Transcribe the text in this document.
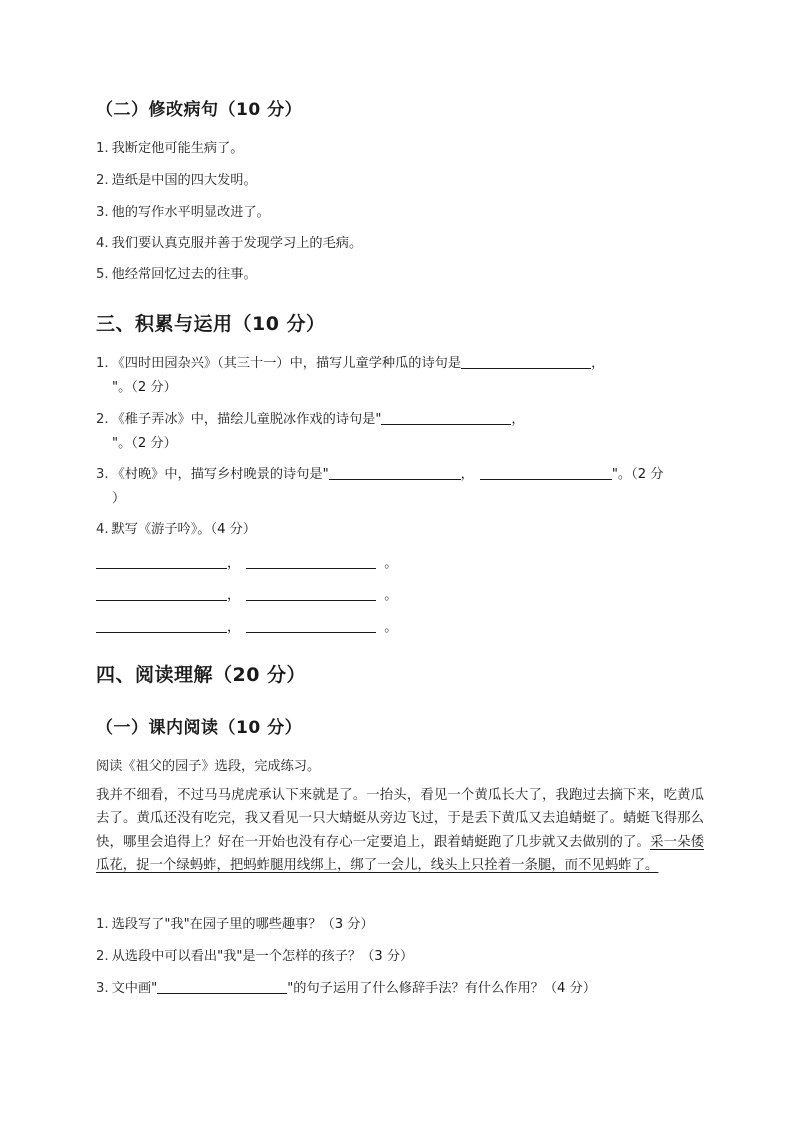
（二）修改病句（10 分）
1. 我断定他可能生病了。
2. 造纸是中国的四大发明。
3. 他的写作水平明显改进了。
4. 我们要认真克服并善于发现学习上的毛病。
5. 他经常回忆过去的往事。
三、积累与运用（10 分）
1. 《四时田园杂兴》（其三十一）中，描写儿童学种瓜的诗句是	，
"。（2 分）
2. 《稚子弄冰》中，描绘儿童脱冰作戏的诗句是"	，
"。（2 分）
3. 《村晚》中，描写乡村晚景的诗句是"	，	"。（2 分
）
4. 默写《游子吟》。（4 分）
，	。
，	。
，	。
四、阅读理解（20 分）
（一）课内阅读（10 分）
阅读《祖父的园子》选段，完成练习。
我并不细看，不过马马虎虎承认下来就是了。一抬头，看见一个黄瓜长大了，我跑过去摘下来，吃黄瓜去了。黄瓜还没有吃完，我又看见一只大蜻蜓从旁边飞过，于是丢下黄瓜又去追蜻蜓了。蜻蜓飞得那么快，哪里会追得上？好在一开始也没有存心一定要追上，跟着蜻蜓跑了几步就又去做别的了。采一朵倭瓜花，捉一个绿蚂蚱，把蚂蚱腿用线绑上，绑了一会儿，线头上只拴着一条腿，而不见蚂蚱了。
1. 选段写了"我"在园子里的哪些趣事？（3 分）
2. 从选段中可以看出"我"是一个怎样的孩子？（3 分）
3. 文中画"	"的句子运用了什么修辞手法？有什么作用？（4 分）
